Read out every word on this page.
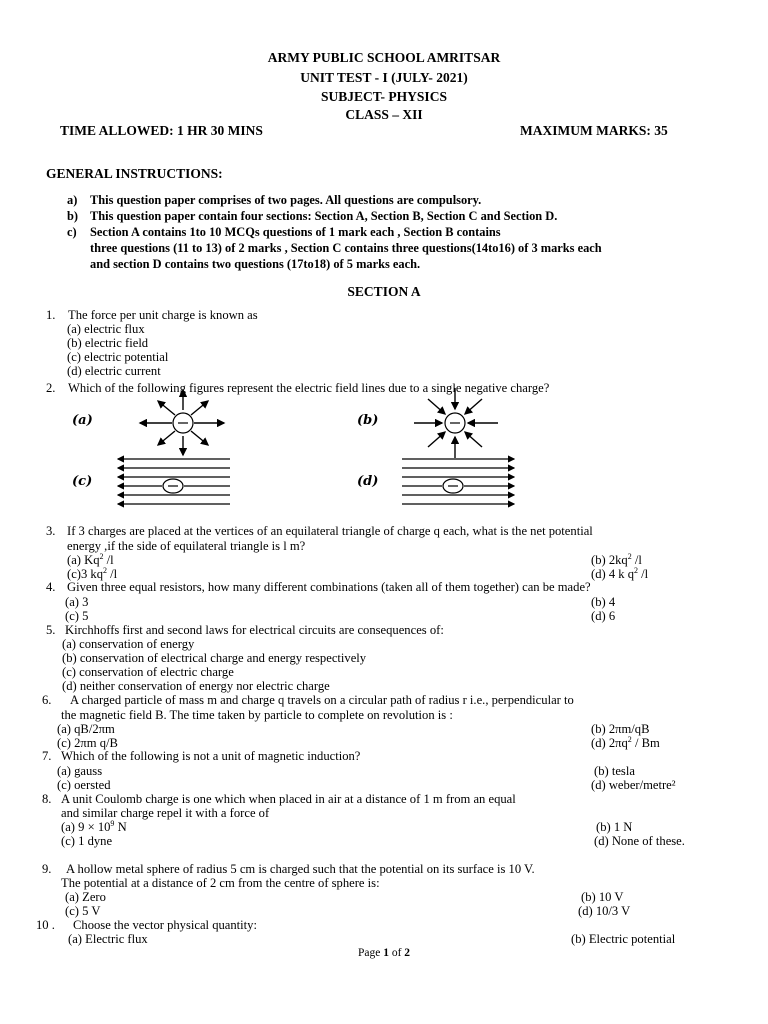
ARMY PUBLIC SCHOOL AMRITSAR
UNIT TEST - I (JULY- 2021)
SUBJECT- PHYSICS
CLASS – XII
TIME ALLOWED: 1 HR 30 MINS	MAXIMUM MARKS: 35
GENERAL INSTRUCTIONS:
a) This question paper comprises of two pages. All questions are compulsory.
b) This question paper contain four sections: Section A, Section B, Section C and Section D.
c) Section A contains 1to 10 MCQs questions of 1 mark each , Section B contains
three questions (11 to 13) of 2 marks , Section C contains three questions(14to16) of 3 marks each
and section D contains two questions (17to18) of 5 marks each.
SECTION A
1. The force per unit charge is known as
(a) electric flux
(b) electric field
(c) electric potential
(d) electric current
2. Which of the following figures represent the electric field lines due to a single negative charge?
(a)	(b)
(c)	(d)
3. If 3 charges are placed at the vertices of an equilateral triangle of charge q each, what is the net potential
energy ,if the side of equilateral triangle is l m?
(a) Kq$^2$ /l	(b) $2kq^2$ /l
(c)3 $kq^2$ /l	(d) 4 k $q^2$ /l
4. Given three equal resistors, how many different combinations (taken all of them together) can be made?
(a) 3	(b) 4
(c) 5	(d) 6
5. Kirchhoffs first and second laws for electrical circuits are consequences of:
(a) conservation of energy
(b) conservation of electrical charge and energy respectively
(c) conservation of electric charge
(d) neither conservation of energy nor electric charge
6. A charged particle of mass m and charge q travels on a circular path of radius r i.e., perpendicular to
the magnetic field B. The time taken by particle to complete on revolution is :
(a) qB/2πm	(b) 2πm/qB
(c) 2πm q/B	(d) $2\pi q^2$ / Bm
7. Which of the following is not a unit of magnetic induction?
(a) gauss	(b) tesla
(c) oersted	(d) weber/metre²
8. A unit Coulomb charge is one which when placed in air at a distance of 1 m from an equal
and similar charge repel it with a force of
(a) $9 \times 10^9$ N	(b) 1 N
(c) 1 dyne	(d) None of these.
9. A hollow metal sphere of radius 5 cm is charged such that the potential on its surface is 10 V.
The potential at a distance of 2 cm from the centre of sphere is:
(a) Zero	(b) 10 V
(c) 5 V	(d) 10/3 V
10 . Choose the vector physical quantity:
(a) Electric flux	(b) Electric potential
Page 1 of 2
